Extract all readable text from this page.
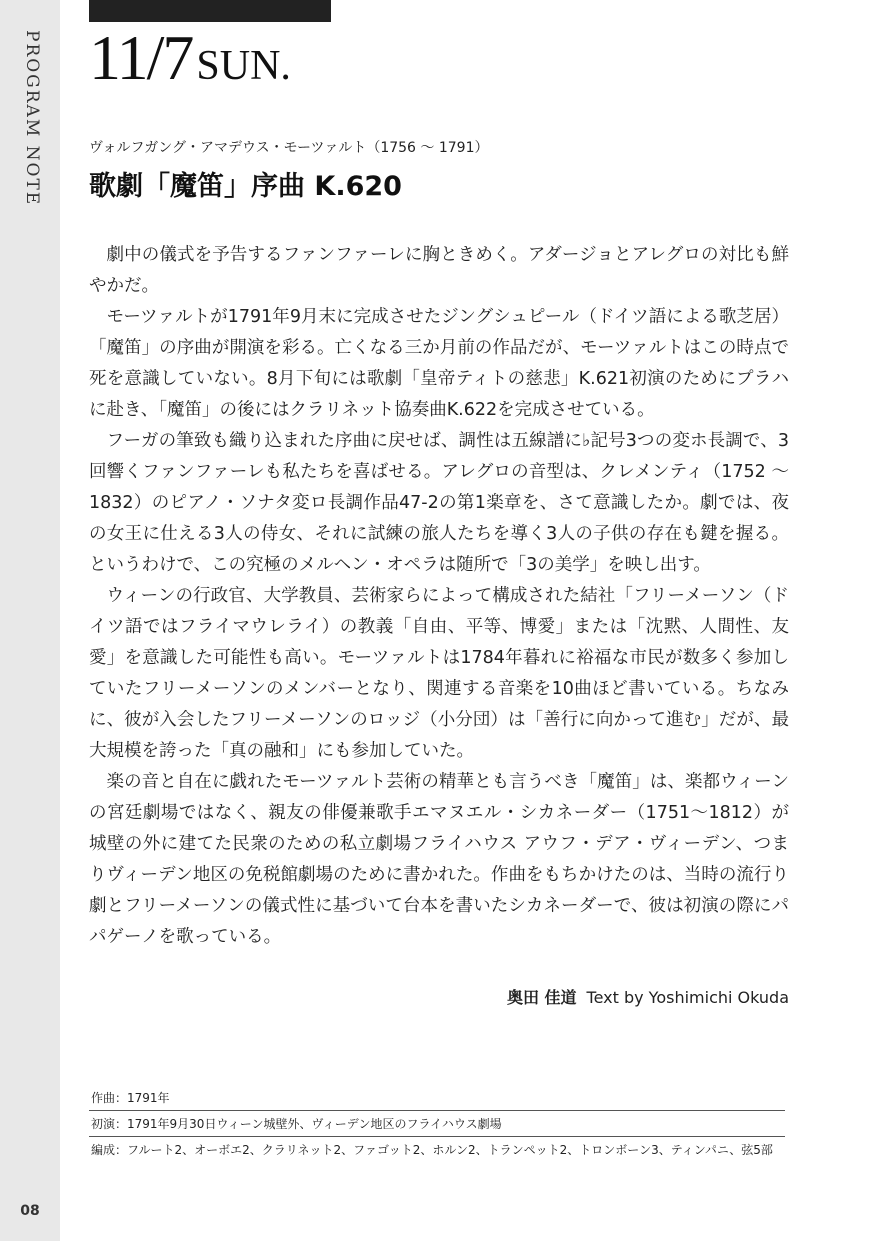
PROGRAM NOTE
08
11/7SUN.
ヴォルフガング・アマデウス・モーツァルト（1756 ～ 1791）
歌劇「魔笛」序曲 K.620

劇中の儀式を予告するファンファーレに胸ときめく。アダージョとアレグロの対比も鮮やかだ。

モーツァルトが1791年9月末に完成させたジングシュピール（ドイツ語による歌芝居）「魔笛」の序曲が開演を彩る。亡くなる三か月前の作品だが、モーツァルトはこの時点で死を意識していない。8月下旬には歌劇「皇帝ティトの慈悲」K.621初演のためにプラハに赴き、「魔笛」の後にはクラリネット協奏曲K.622を完成させている。

フーガの筆致も織り込まれた序曲に戻せば、調性は五線譜に♭記号3つの変ホ長調で、3回響くファンファーレも私たちを喜ばせる。アレグロの音型は、クレメンティ（1752 ～ 1832）のピアノ・ソナタ変ロ長調作品47-2の第1楽章を、さて意識したか。劇では、夜の女王に仕える3人の侍女、それに試練の旅人たちを導く3人の子供の存在も鍵を握る。というわけで、この究極のメルヘン・オペラは随所で「3の美学」を映し出す。

ウィーンの行政官、大学教員、芸術家らによって構成された結社「フリーメーソン（ドイツ語ではフライマウレライ）の教義「自由、平等、博愛」または「沈黙、人間性、友愛」を意識した可能性も高い。モーツァルトは1784年暮れに裕福な市民が数多く参加していたフリーメーソンのメンバーとなり、関連する音楽を10曲ほど書いている。ちなみに、彼が入会したフリーメーソンのロッジ（小分団）は「善行に向かって進む」だが、最大規模を誇った「真の融和」にも参加していた。

楽の音と自在に戯れたモーツァルト芸術の精華とも言うべき「魔笛」は、楽都ウィーンの宮廷劇場ではなく、親友の俳優兼歌手エマヌエル・シカネーダー（1751～1812）が城壁の外に建てた民衆のための私立劇場フライハウス アウフ・デア・ヴィーデン、つまりヴィーデン地区の免税館劇場のために書かれた。作曲をもちかけたのは、当時の流行り劇とフリーメーソンの儀式性に基づいて台本を書いたシカネーダーで、彼は初演の際にパパゲーノを歌っている。

奥田 佳道 Text by Yoshimichi Okuda
作曲：1791年
初演：1791年9月30日ウィーン城壁外、ヴィーデン地区のフライハウス劇場
編成：フルート2、オーボエ2、クラリネット2、ファゴット2、ホルン2、トランペット2、トロンボーン3、ティンパニ、弦5部
